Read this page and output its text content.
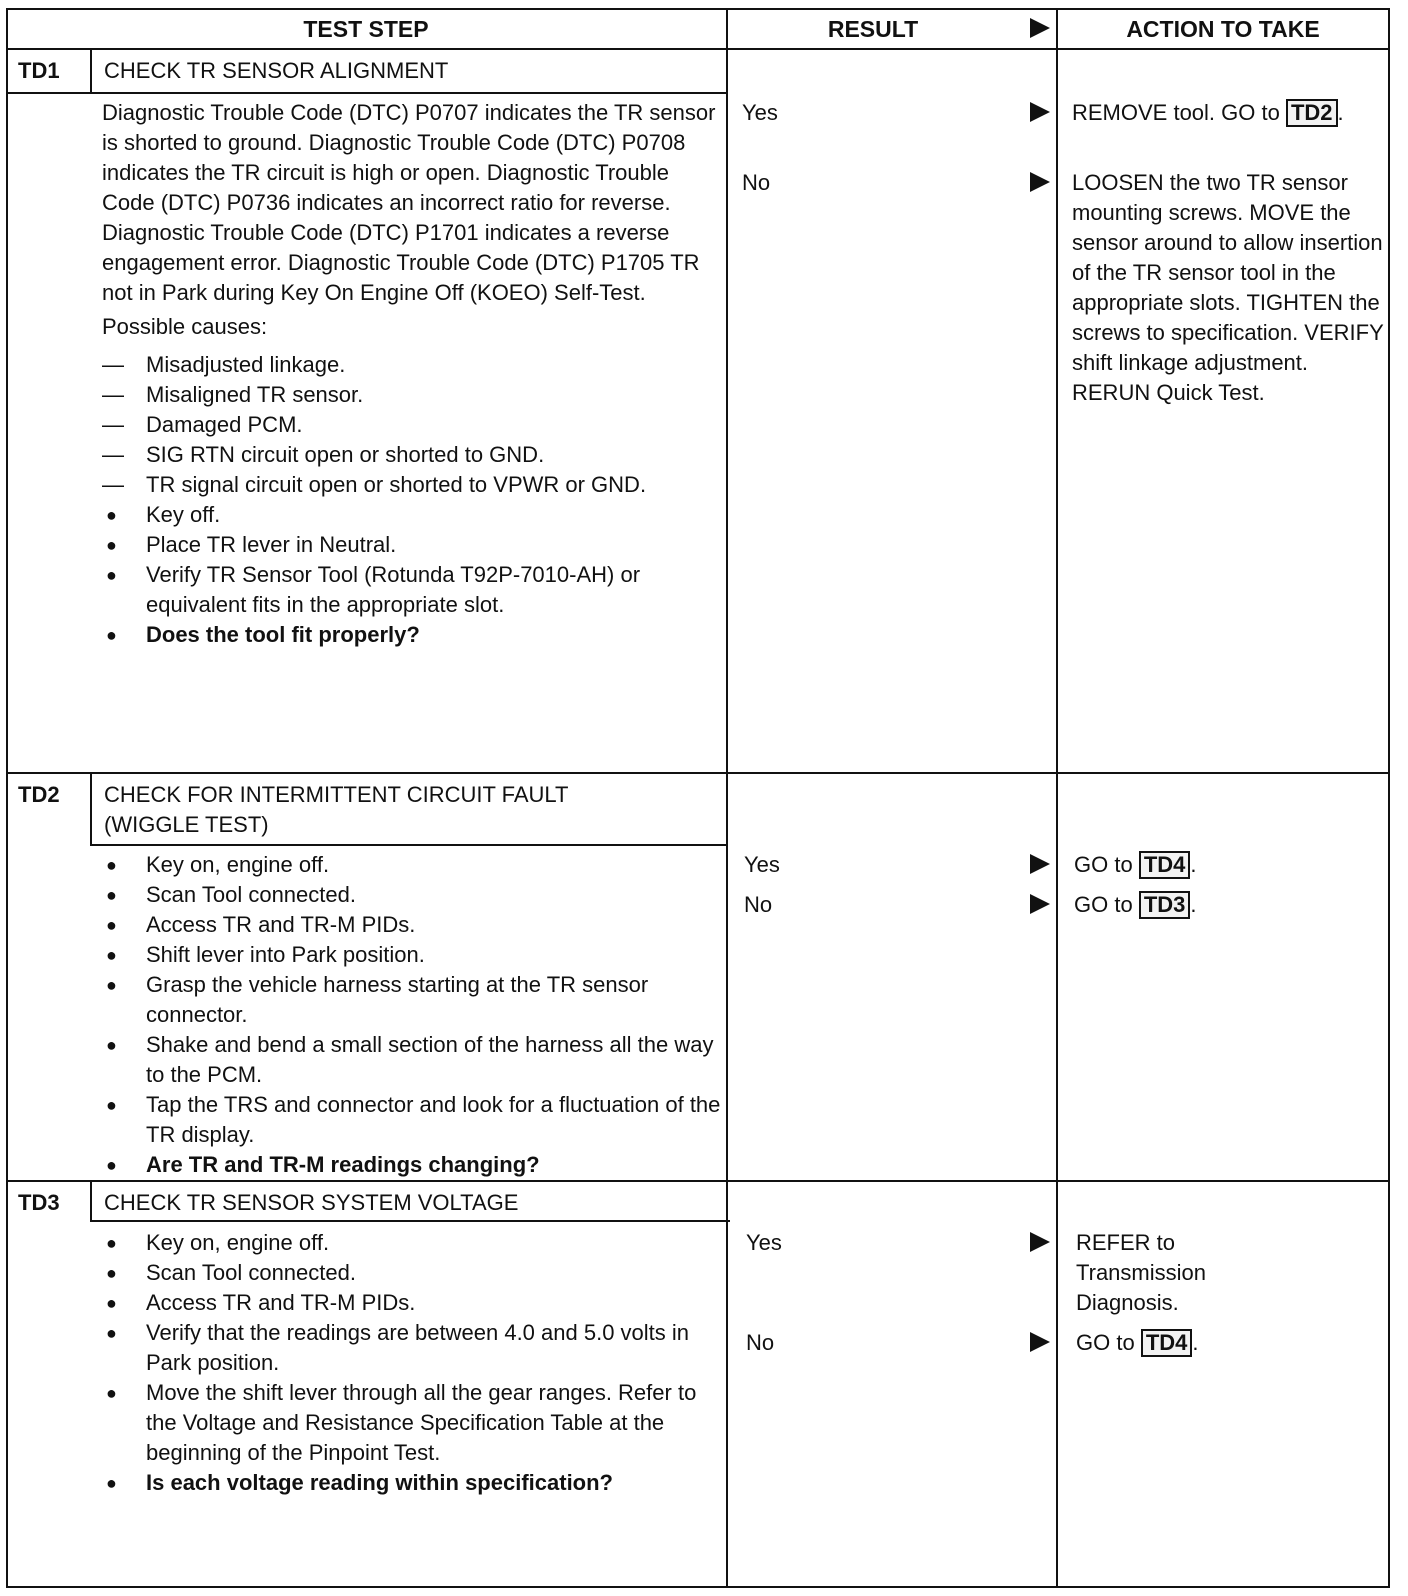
TEST STEP	RESULT	ACTION TO TAKE
TD1 CHECK TR SENSOR ALIGNMENT

Diagnostic Trouble Code (DTC) P0707 indicates the TR sensor is shorted to ground. Diagnostic Trouble Code (DTC) P0708 indicates the TR circuit is high or open. Diagnostic Trouble Code (DTC) P0736 indicates an incorrect ratio for reverse. Diagnostic Trouble Code (DTC) P1701 indicates a reverse engagement error. Diagnostic Trouble Code (DTC) P1705 TR not in Park during Key On Engine Off (KOEO) Self-Test.

Possible causes:

— Misadjusted linkage.
— Misaligned TR sensor.
— Damaged PCM.
— SIG RTN circuit open or shorted to GND.
— TR signal circuit open or shorted to VPWR or GND.
● Key off.
● Place TR lever in Neutral.
● Verify TR Sensor Tool (Rotunda T92P-7010-AH) or equivalent fits in the appropriate slot.
● Does the tool fit properly?
Yes
No
REMOVE tool. GO to TD2 .
LOOSEN the two TR sensor mounting screws. MOVE the sensor around to allow insertion of the TR sensor tool in the appropriate slots. TIGHTEN the screws to specification. VERIFY shift linkage adjustment. RERUN Quick Test.
TD2 CHECK FOR INTERMITTENT CIRCUIT FAULT (WIGGLE TEST)
● Key on, engine off.
● Scan Tool connected.
● Access TR and TR-M PIDs.
● Shift lever into Park position.
● Grasp the vehicle harness starting at the TR sensor connector.
● Shake and bend a small section of the harness all the way to the PCM.
● Tap the TRS and connector and look for a fluctuation of the TR display.
● Are TR and TR-M readings changing?
Yes
No
GO to TD4 .
GO to TD3 .
TD3 CHECK TR SENSOR SYSTEM VOLTAGE
● Key on, engine off.
● Scan Tool connected.
● Access TR and TR-M PIDs.
● Verify that the readings are between 4.0 and 5.0 volts in Park position.
● Move the shift lever through all the gear ranges. Refer to the Voltage and Resistance Specification Table at the beginning of the Pinpoint Test.
● Is each voltage reading within specification?
Yes
No
REFER to Transmission Diagnosis.
GO to TD4 .
